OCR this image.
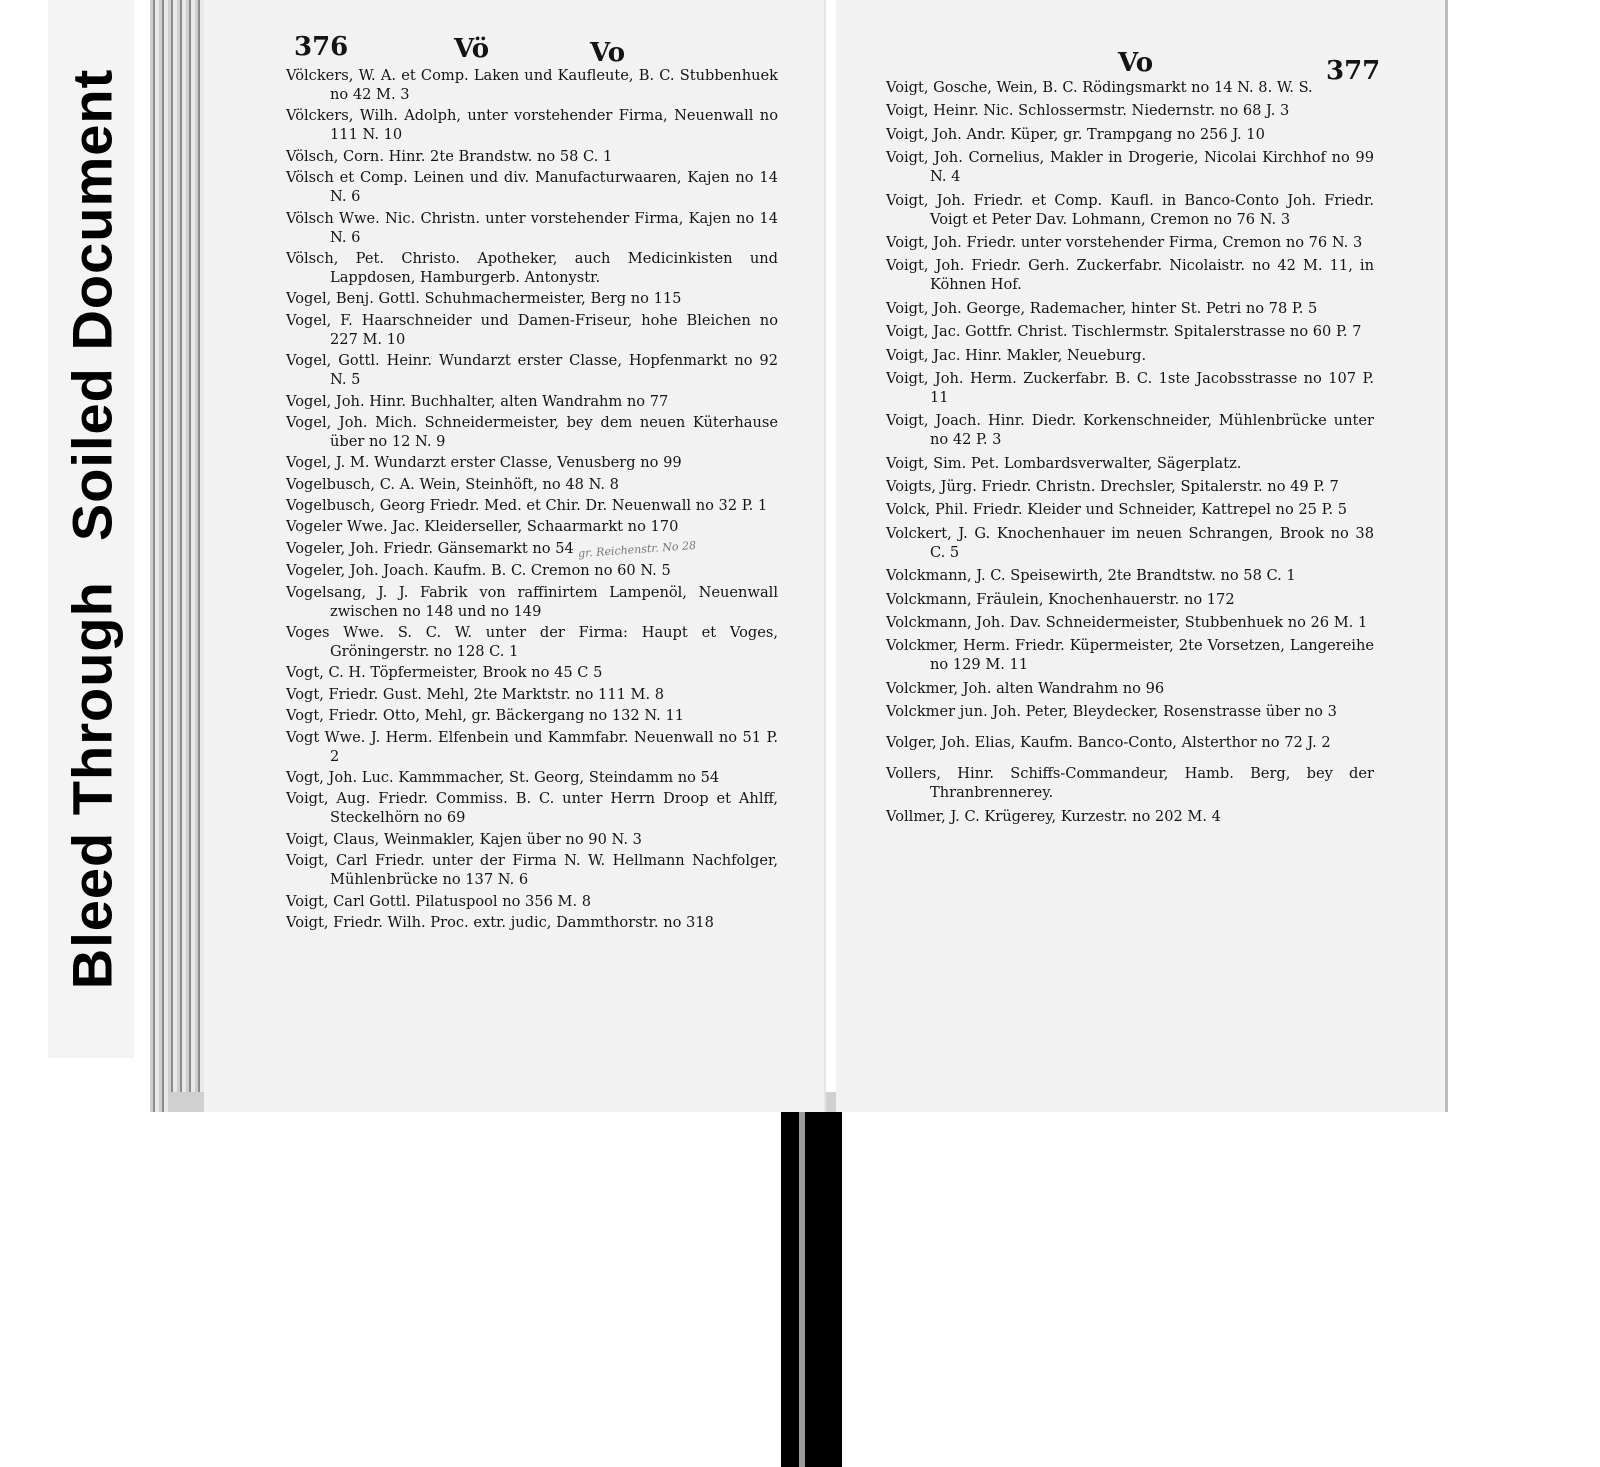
Bleed ThroughSoiled Document
376	Vö	Vo
Völckers, W. A. et Comp. Laken und Kaufleute, B. C. Stubbenhuek no 42 M. 3
Völckers, Wilh. Adolph, unter vorstehender Firma, Neuenwall no 111 N. 10
Völsch, Corn. Hinr. 2te Brandstw. no 58 C. 1
Völsch et Comp. Leinen und div. Manufacturwaaren, Kajen no 14 N. 6
Völsch Wwe. Nic. Christn. unter vorstehender Firma, Kajen no 14 N. 6
Völsch, Pet. Christo. Apotheker, auch Medicinkisten und Lappdosen, Hamburgerb. Antonystr.
Vogel, Benj. Gottl. Schuhmachermeister, Berg no 115
Vogel, F. Haarschneider und Damen-Friseur, hohe Bleichen no 227 M. 10
Vogel, Gottl. Heinr. Wundarzt erster Classe, Hopfenmarkt no 92 N. 5
Vogel, Joh. Hinr. Buchhalter, alten Wandrahm no 77
Vogel, Joh. Mich. Schneidermeister, bey dem neuen Küterhause über no 12 N. 9
Vogel, J. M. Wundarzt erster Classe, Venusberg no 99
Vogelbusch, C. A. Wein, Steinhöft, no 48 N. 8
Vogelbusch, Georg Friedr. Med. et Chir. Dr. Neuenwall no 32 P. 1
Vogeler Wwe. Jac. Kleiderseller, Schaarmarkt no 170
Vogeler, Joh. Friedr. Gänsemarkt no 54 gr. Reichenstr. No 28
Vogeler, Joh. Joach. Kaufm. B. C. Cremon no 60 N. 5
Vogelsang, J. J. Fabrik von raffinirtem Lampenöl, Neuenwall zwischen no 148 und no 149
Voges Wwe. S. C. W. unter der Firma: Haupt et Voges, Gröningerstr. no 128 C. 1
Vogt, C. H. Töpfermeister, Brook no 45 C 5
Vogt, Friedr. Gust. Mehl, 2te Marktstr. no 111 M. 8
Vogt, Friedr. Otto, Mehl, gr. Bäckergang no 132 N. 11
Vogt Wwe. J. Herm. Elfenbein und Kammfabr. Neuenwall no 51 P. 2
Vogt, Joh. Luc. Kammmacher, St. Georg, Steindamm no 54
Voigt, Aug. Friedr. Commiss. B. C. unter Herrn Droop et Ahlff, Steckelhörn no 69
Voigt, Claus, Weinmakler, Kajen über no 90 N. 3
Voigt, Carl Friedr. unter der Firma N. W. Hellmann Nachfolger, Mühlenbrücke no 137 N. 6
Voigt, Carl Gottl. Pilatuspool no 356 M. 8
Voigt, Friedr. Wilh. Proc. extr. judic, Dammthorstr. no 318
Vo	377
Voigt, Gosche, Wein, B. C. Rödingsmarkt no 14 N. 8. W. S.
Voigt, Heinr. Nic. Schlossermstr. Niedernstr. no 68 J. 3
Voigt, Joh. Andr. Küper, gr. Trampgang no 256 J. 10
Voigt, Joh. Cornelius, Makler in Drogerie, Nicolai Kirchhof no 99 N. 4
Voigt, Joh. Friedr. et Comp. Kaufl. in Banco-Conto Joh. Friedr. Voigt et Peter Dav. Lohmann, Cremon no 76 N. 3
Voigt, Joh. Friedr. unter vorstehender Firma, Cremon no 76 N. 3
Voigt, Joh. Friedr. Gerh. Zuckerfabr. Nicolaistr. no 42 M. 11, in Köhnen Hof.
Voigt, Joh. George, Rademacher, hinter St. Petri no 78 P. 5
Voigt, Jac. Gottfr. Christ. Tischlermstr. Spitalerstrasse no 60 P. 7
Voigt, Jac. Hinr. Makler, Neueburg.
Voigt, Joh. Herm. Zuckerfabr. B. C. 1ste Jacobsstrasse no 107 P. 11
Voigt, Joach. Hinr. Diedr. Korkenschneider, Mühlenbrücke unter no 42 P. 3
Voigt, Sim. Pet. Lombardsverwalter, Sägerplatz.
Voigts, Jürg. Friedr. Christn. Drechsler, Spitalerstr. no 49 P. 7
Volck, Phil. Friedr. Kleider und Schneider, Kattrepel no 25 P. 5
Volckert, J. G. Knochenhauer im neuen Schrangen, Brook no 38 C. 5
Volckmann, J. C. Speisewirth, 2te Brandtstw. no 58 C. 1
Volckmann, Fräulein, Knochenhauerstr. no 172
Volckmann, Joh. Dav. Schneidermeister, Stubbenhuek no 26 M. 1
Volckmer, Herm. Friedr. Küpermeister, 2te Vorsetzen, Langereihe no 129 M. 11
Volckmer, Joh. alten Wandrahm no 96
Volckmer jun. Joh. Peter, Bleydecker, Rosenstrasse über no 3
Volger, Joh. Elias, Kaufm. Banco-Conto, Alsterthor no 72 J. 2
Vollers, Hinr. Schiffs-Commandeur, Hamb. Berg, bey der Thranbrennerey.
Vollmer, J. C. Krügerey, Kurzestr. no 202 M. 4
